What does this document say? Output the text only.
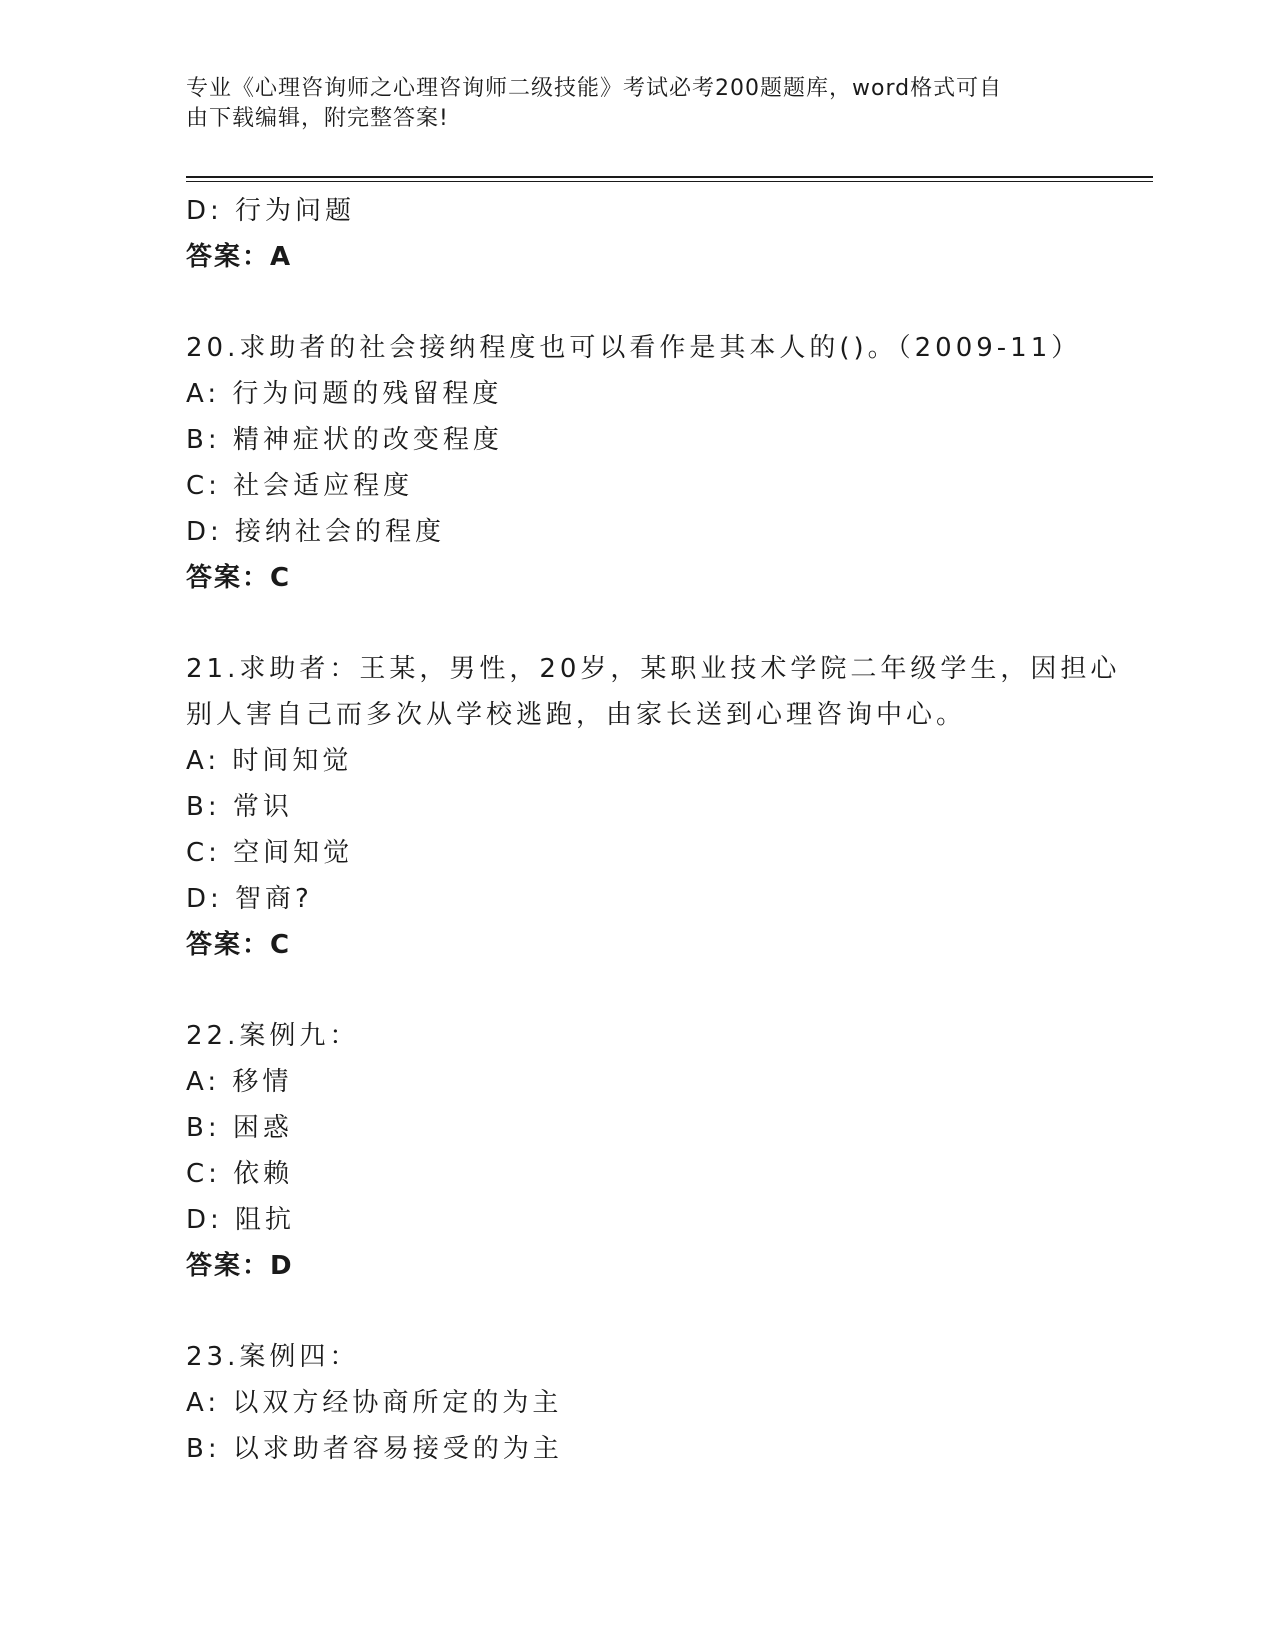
专业《心理咨询师之心理咨询师二级技能》考试必考200题题库，word格式可自
由下载编辑，附完整答案!
D: 行为问题
答案：A
20.求助者的社会接纳程度也可以看作是其本人的()。（2009-11）
A: 行为问题的残留程度
B: 精神症状的改变程度
C: 社会适应程度
D: 接纳社会的程度
答案：C
21.求助者：王某，男性，20岁，某职业技术学院二年级学生，因担心
别人害自己而多次从学校逃跑，由家长送到心理咨询中心。
A: 时间知觉
B: 常识
C: 空间知觉
D: 智商?
答案：C
22.案例九：
A: 移情
B: 困惑
C: 依赖
D: 阻抗
答案：D
23.案例四：
A: 以双方经协商所定的为主
B: 以求助者容易接受的为主
